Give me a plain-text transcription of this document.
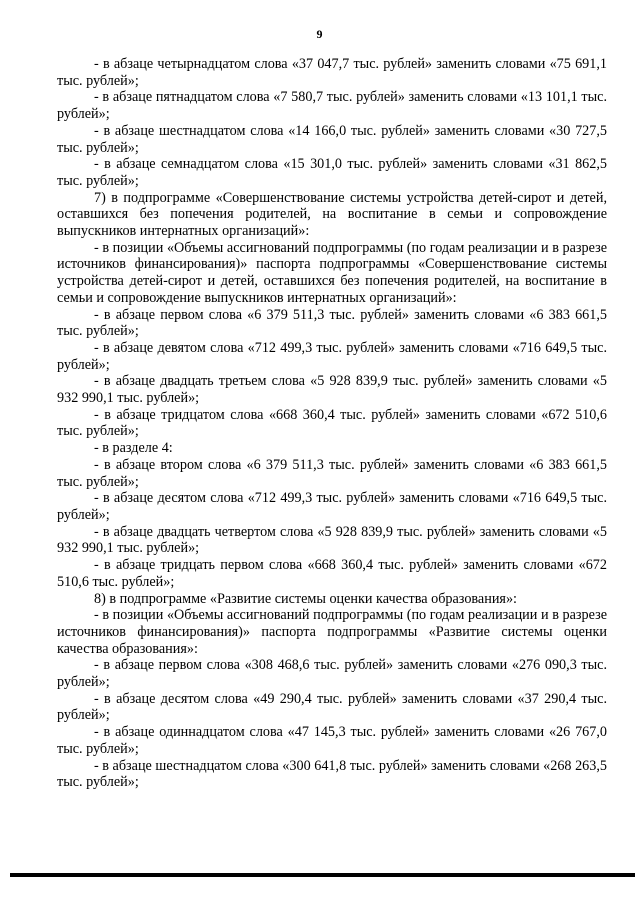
9

- в абзаце четырнадцатом слова «37 047,7 тыс. рублей» заменить словами «75 691,1 тыс. рублей»;

- в абзаце пятнадцатом слова «7 580,7 тыс. рублей» заменить словами «13 101,1 тыс. рублей»;

- в абзаце шестнадцатом слова «14 166,0 тыс. рублей» заменить словами «30 727,5 тыс. рублей»;

- в абзаце семнадцатом слова «15 301,0 тыс. рублей» заменить словами «31 862,5 тыс. рублей»;

7) в подпрограмме «Совершенствование системы устройства детей-сирот и детей, оставшихся без попечения родителей, на воспитание в семьи и сопровождение выпускников интернатных организаций»:

- в позиции «Объемы ассигнований подпрограммы (по годам реализации и в разрезе источников финансирования)» паспорта подпрограммы «Совершенствование системы устройства детей-сирот и детей, оставшихся без попечения родителей, на воспитание в семьи и сопровождение выпускников интернатных организаций»:

- в абзаце первом слова «6 379 511,3 тыс. рублей» заменить словами «6 383 661,5 тыс. рублей»;

- в абзаце девятом слова «712 499,3 тыс. рублей» заменить словами «716 649,5 тыс. рублей»;

- в абзаце двадцать третьем слова «5 928 839,9 тыс. рублей» заменить словами «5 932 990,1 тыс. рублей»;

- в абзаце тридцатом слова «668 360,4 тыс. рублей» заменить словами «672 510,6 тыс. рублей»;

- в разделе 4:

- в абзаце втором слова «6 379 511,3 тыс. рублей» заменить словами «6 383 661,5 тыс. рублей»;

- в абзаце десятом слова «712 499,3 тыс. рублей» заменить словами «716 649,5 тыс. рублей»;

- в абзаце двадцать четвертом слова «5 928 839,9 тыс. рублей» заменить словами «5 932 990,1 тыс. рублей»;

- в абзаце тридцать первом слова «668 360,4 тыс. рублей» заменить словами «672 510,6 тыс. рублей»;

8) в подпрограмме «Развитие системы оценки качества образования»:

- в позиции «Объемы ассигнований подпрограммы (по годам реализации и в разрезе источников финансирования)» паспорта подпрограммы «Развитие системы оценки качества образования»:

- в абзаце первом слова «308 468,6 тыс. рублей» заменить словами «276 090,3 тыс. рублей»;

- в абзаце десятом слова «49 290,4 тыс. рублей» заменить словами «37 290,4 тыс. рублей»;

- в абзаце одиннадцатом слова «47 145,3 тыс. рублей» заменить словами «26 767,0 тыс. рублей»;

- в абзаце шестнадцатом слова «300 641,8 тыс. рублей» заменить словами «268 263,5 тыс. рублей»;
